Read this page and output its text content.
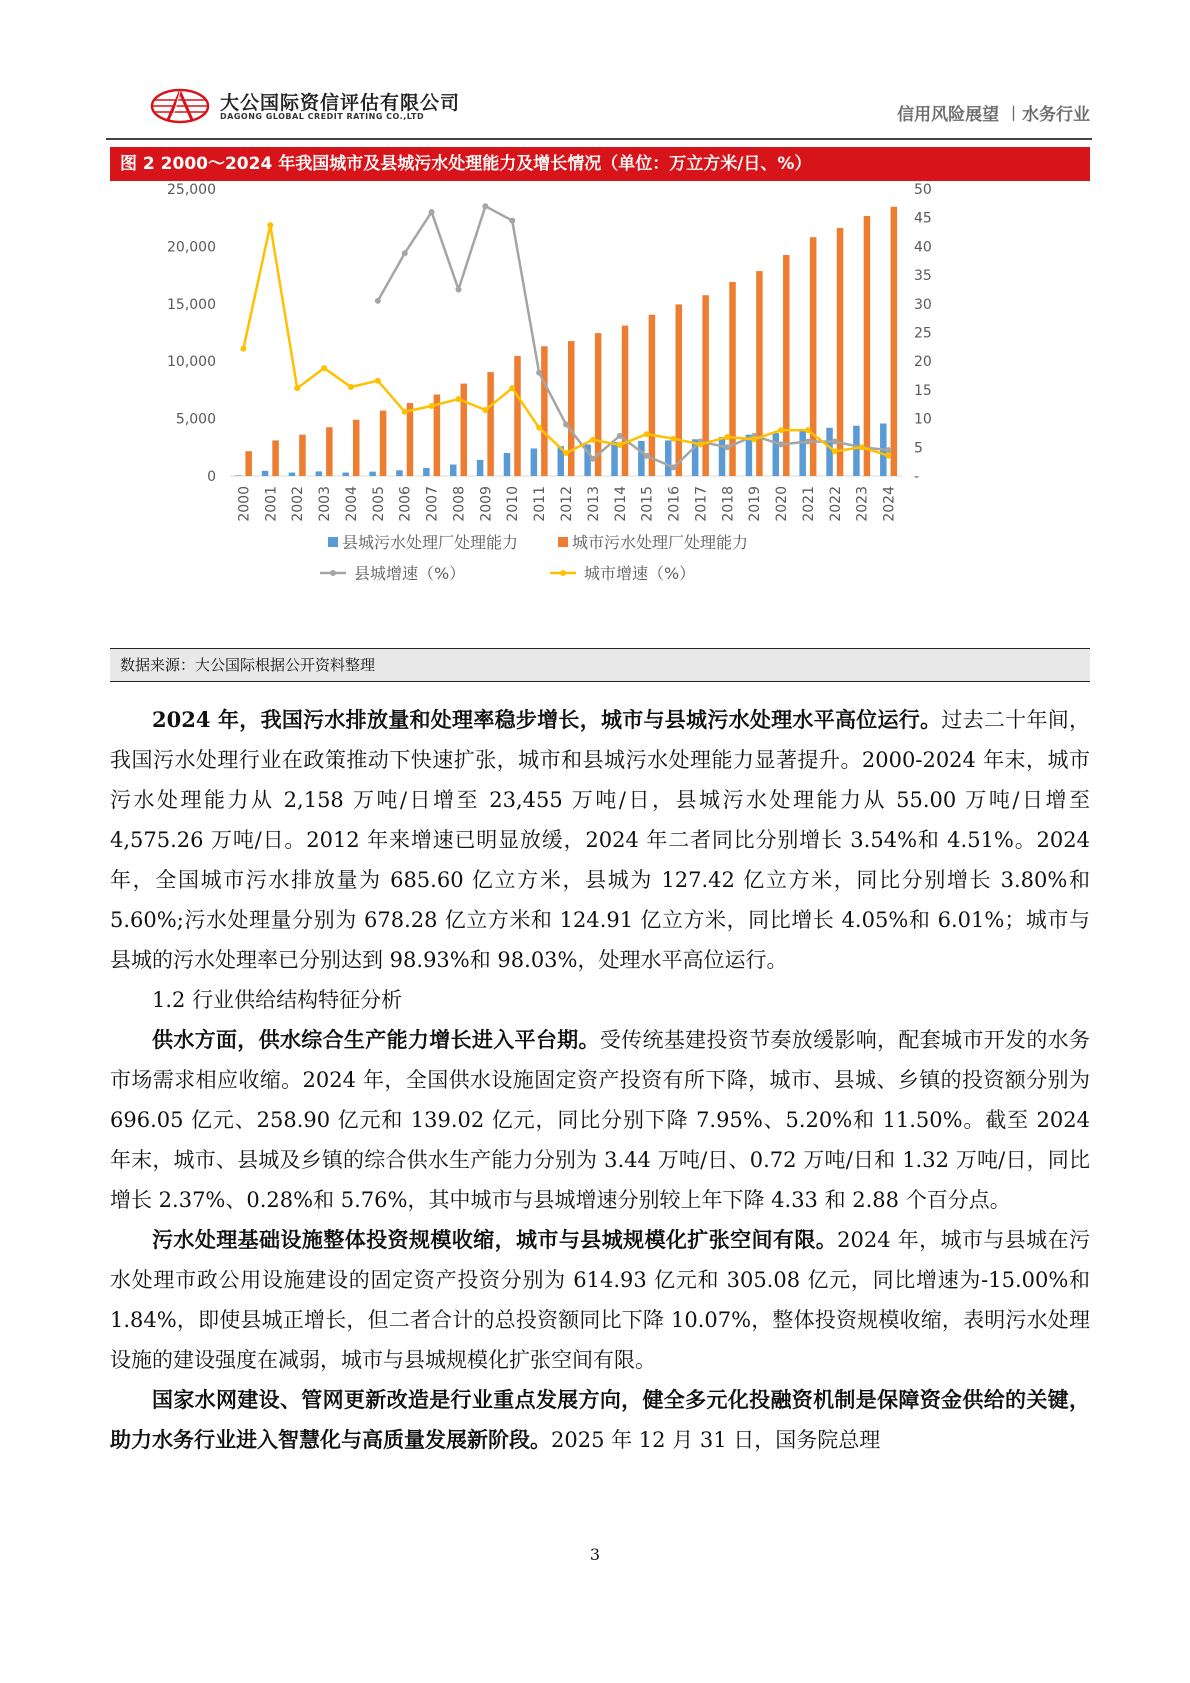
大公国际资信评估有限公司
DAGONG GLOBAL CREDIT RATING CO.,LTD	信用风险展望 ︱水务行业
图 2 2000～2024 年我国城市及县城污水处理能力及增长情况（单位：万立方米/日、%）
0
5,000
10,000
15,000
20,000
25,000
-
5
10
15
20
25
30
35
40
45
50
2000 2001 2002 2003 2004 2005 2006 2007 2008 2009 2010 2011 2012 2013 2014 2015 2016 2017 2018 2019 2020 2021 2022 2023 2024
县城污水处理厂处理能力	城市污水处理厂处理能力
县城增速（%）	城市增速（%）
数据来源：大公国际根据公开资料整理

2024 年，我国污水排放量和处理率稳步增长，城市与县城污水处理水平高位运行。过去二十年间，我国污水处理行业在政策推动下快速扩张，城市和县城污水处理能力显著提升。2000-2024 年末，城市污水处理能力从 2,158 万吨/日增至 23,455 万吨/日，县城污水处理能力从 55.00 万吨/日增至 4,575.26 万吨/日。2012 年来增速已明显放缓，2024 年二者同比分别增长 3.54%和 4.51%。2024 年，全国城市污水排放量为 685.60 亿立方米，县城为 127.42 亿立方米，同比分别增长 3.80%和 5.60%;污水处理量分别为 678.28 亿立方米和 124.91 亿立方米，同比增长 4.05%和 6.01%；城市与县城的污水处理率已分别达到 98.93%和 98.03%，处理水平高位运行。

1.2 行业供给结构特征分析

供水方面，供水综合生产能力增长进入平台期。受传统基建投资节奏放缓影响，配套城市开发的水务市场需求相应收缩。2024 年，全国供水设施固定资产投资有所下降，城市、县城、乡镇的投资额分别为 696.05 亿元、258.90 亿元和 139.02 亿元，同比分别下降 7.95%、5.20%和 11.50%。截至 2024 年末，城市、县城及乡镇的综合供水生产能力分别为 3.44 万吨/日、0.72 万吨/日和 1.32 万吨/日，同比增长 2.37%、0.28%和 5.76%，其中城市与县城增速分别较上年下降 4.33 和 2.88 个百分点。

污水处理基础设施整体投资规模收缩，城市与县城规模化扩张空间有限。2024 年，城市与县城在污水处理市政公用设施建设的固定资产投资分别为 614.93 亿元和 305.08 亿元，同比增速为-15.00%和 1.84%，即使县城正增长，但二者合计的总投资额同比下降 10.07%，整体投资规模收缩，表明污水处理设施的建设强度在减弱，城市与县城规模化扩张空间有限。

国家水网建设、管网更新改造是行业重点发展方向，健全多元化投融资机制是保障资金供给的关键，助力水务行业进入智慧化与高质量发展新阶段。2025 年 12 月 31 日，国务院总理

3
